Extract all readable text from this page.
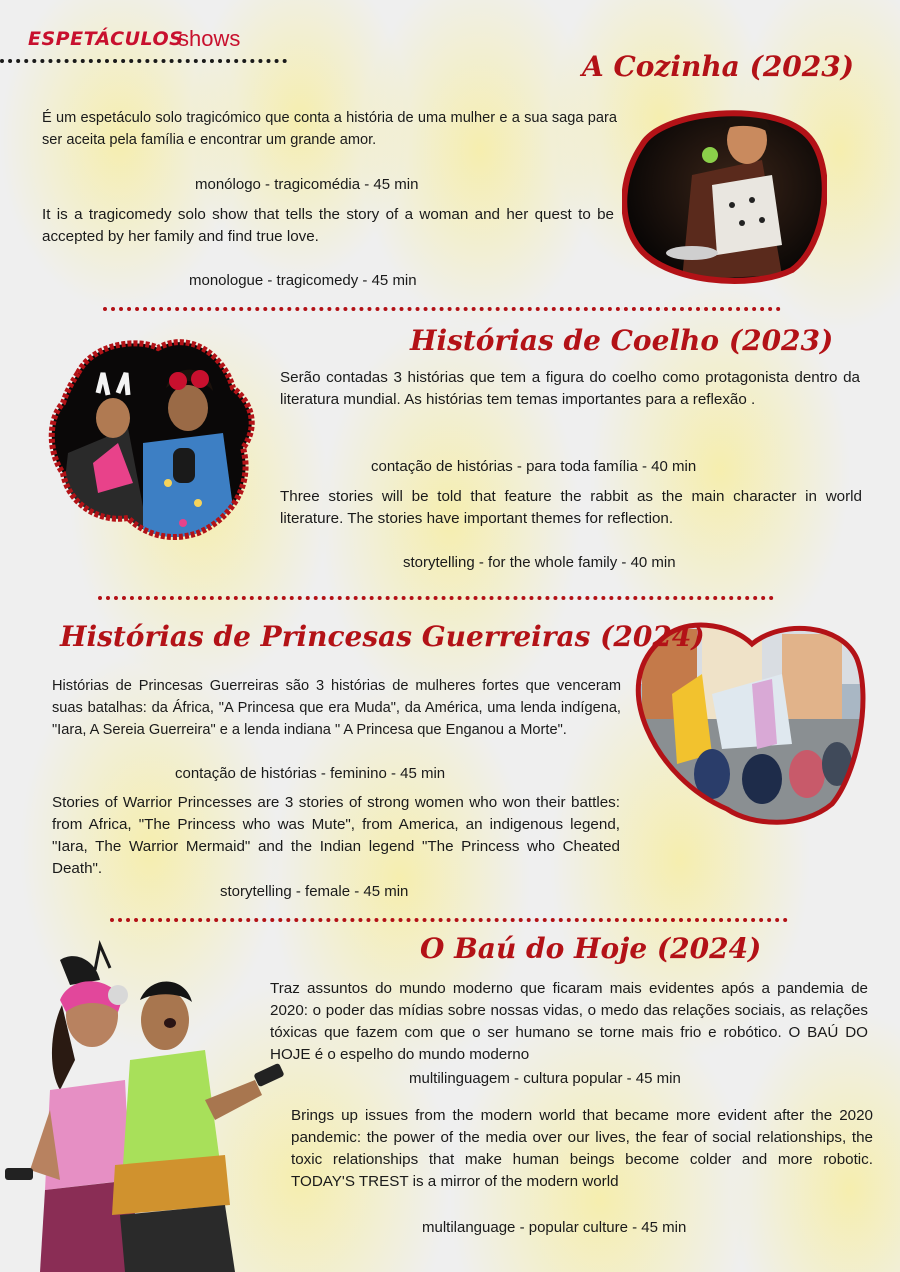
ESPETÁCULOS
shows
A Cozinha (2023)
É um espetáculo solo tragicómico que conta a história de uma mulher e a sua saga para ser aceita pela família e encontrar um grande amor.
monólogo - tragicomédia - 45 min
It is a tragicomedy solo show that tells the story of a woman and her quest to be accepted by her family and find true love.
monologue - tragicomedy - 45 min
Histórias de Coelho (2023)
Serão contadas 3 histórias que tem a figura do coelho como protagonista dentro da literatura mundial. As histórias tem temas importantes para a reflexão .
contação de histórias - para toda família - 40 min
Three stories will be told that feature the rabbit as the main character in world literature. The stories have important themes for reflection.
storytelling - for the whole family - 40 min
Histórias de Princesas Guerreiras (2024)
Histórias de Princesas Guerreiras são 3 histórias de mulheres fortes que venceram suas batalhas: da África, "A Princesa que era Muda", da América, uma lenda indígena, "Iara, A Sereia Guerreira" e a lenda indiana " A Princesa que Enganou a Morte".
contação de histórias - feminino - 45 min
Stories of Warrior Princesses are 3 stories of strong women who won their battles: from Africa, "The Princess who was Mute", from America, an indigenous legend, "Iara, The Warrior Mermaid" and the Indian legend "The Princess who Cheated Death".
storytelling - female - 45 min
O Baú do Hoje (2024)
Traz assuntos do mundo moderno que ficaram mais evidentes após a pandemia de 2020: o poder das mídias sobre nossas vidas, o medo das relações sociais, as relações tóxicas que fazem com que o ser humano se torne mais frio e robótico. O BAÚ DO HOJE é o espelho do mundo moderno
multilinguagem - cultura popular - 45 min
Brings up issues from the modern world that became more evident after the 2020 pandemic: the power of the media over our lives, the fear of social relationships, the toxic relationships that make human beings become colder and more robotic. TODAY'S TREST is a mirror of the modern world
multilanguage - popular culture - 45 min
